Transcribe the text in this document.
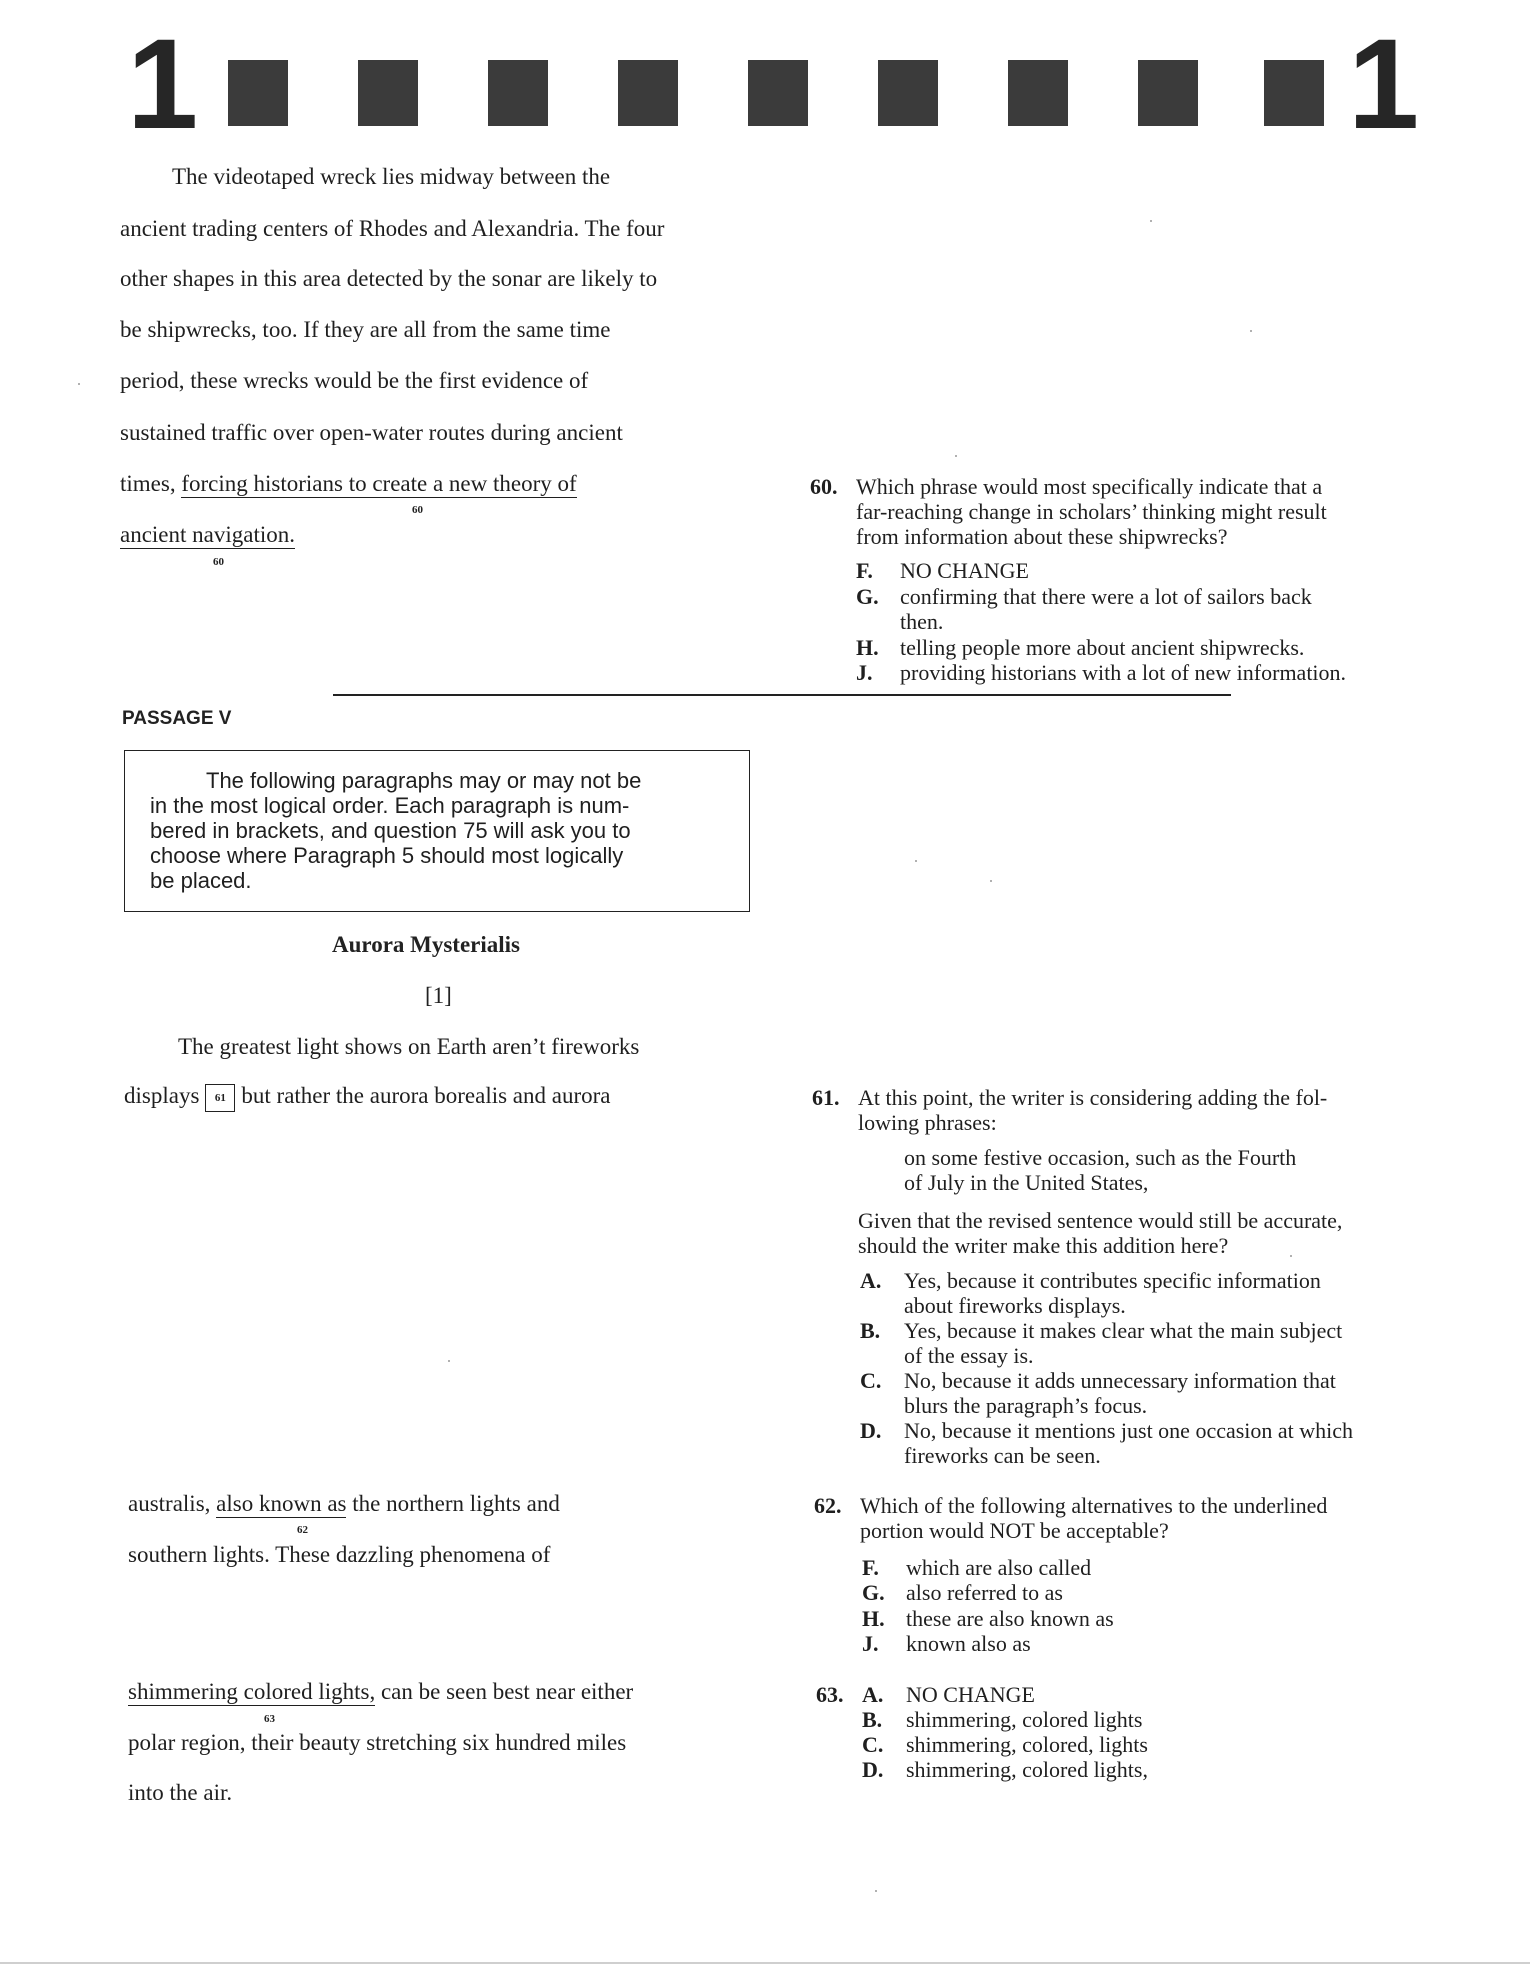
1	1
The videotaped wreck lies midway between the
ancient trading centers of Rhodes and Alexandria. The four
other shapes in this area detected by the sonar are likely to
be shipwrecks, too. If they are all from the same time
period, these wrecks would be the first evidence of
sustained traffic over open-water routes during ancient
times, forcing historians to create a new theory of
60
ancient navigation.
60
60. Which phrase would most specifically indicate that a
far-reaching change in scholars’ thinking might result
from information about these shipwrecks?
F. NO CHANGE
G. confirming that there were a lot of sailors back
then.
H. telling people more about ancient shipwrecks.
J. providing historians with a lot of new information.
PASSAGE V
The following paragraphs may or may not be
in the most logical order. Each paragraph is num-
bered in brackets, and question 75 will ask you to
choose where Paragraph 5 should most logically
be placed.
Aurora Mysterialis
[1]
The greatest light shows on Earth aren’t fireworks
displays 61 but rather the aurora borealis and aurora
australis, also known as the northern lights and
62
southern lights. These dazzling phenomena of
shimmering colored lights, can be seen best near either
63
polar region, their beauty stretching six hundred miles
into the air.
61. At this point, the writer is considering adding the fol-
lowing phrases:
on some festive occasion, such as the Fourth
of July in the United States,
Given that the revised sentence would still be accurate,
should the writer make this addition here?
A. Yes, because it contributes specific information
about fireworks displays.
B. Yes, because it makes clear what the main subject
of the essay is.
C. No, because it adds unnecessary information that
blurs the paragraph’s focus.
D. No, because it mentions just one occasion at which
fireworks can be seen.
62. Which of the following alternatives to the underlined
portion would NOT be acceptable?
F. which are also called
G. also referred to as
H. these are also known as
J. known also as
63. A. NO CHANGE
B. shimmering, colored lights
C. shimmering, colored, lights
D. shimmering, colored lights,
